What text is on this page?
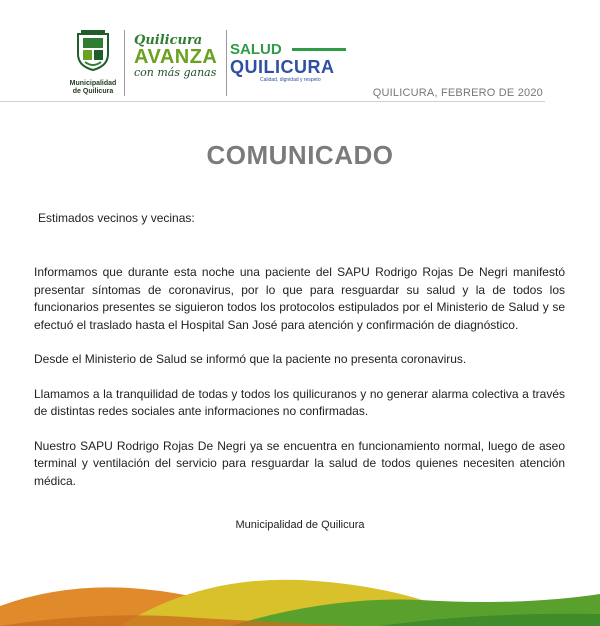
Municipalidad
de Quilicura
Quilicura
AVANZA
con más ganas
SALUD
QUILICURA
Calidad, dignidad y respeto
QUILICURA, FEBRERO DE 2020
COMUNICADO
Estimados vecinos y vecinas:

Informamos que durante esta noche una paciente del SAPU Rodrigo Rojas De Negri manifestó presentar síntomas de coronavirus, por lo que para resguardar su salud y la de todos los funcionarios presentes se siguieron todos los protocolos estipulados por el Ministerio de Salud y se efectuó el traslado hasta el Hospital San José para atención y confirmación de diagnóstico.

Desde el Ministerio de Salud se informó que la paciente no presenta coronavirus.

Llamamos a la tranquilidad de todas y todos los quilicuranos y no generar alarma colectiva a través de distintas redes sociales ante informaciones no confirmadas.

Nuestro SAPU Rodrigo Rojas De Negri ya se encuentra en funcionamiento normal, luego de aseo terminal y ventilación del servicio para resguardar la salud de todos quienes necesiten atención médica.

Municipalidad de Quilicura
